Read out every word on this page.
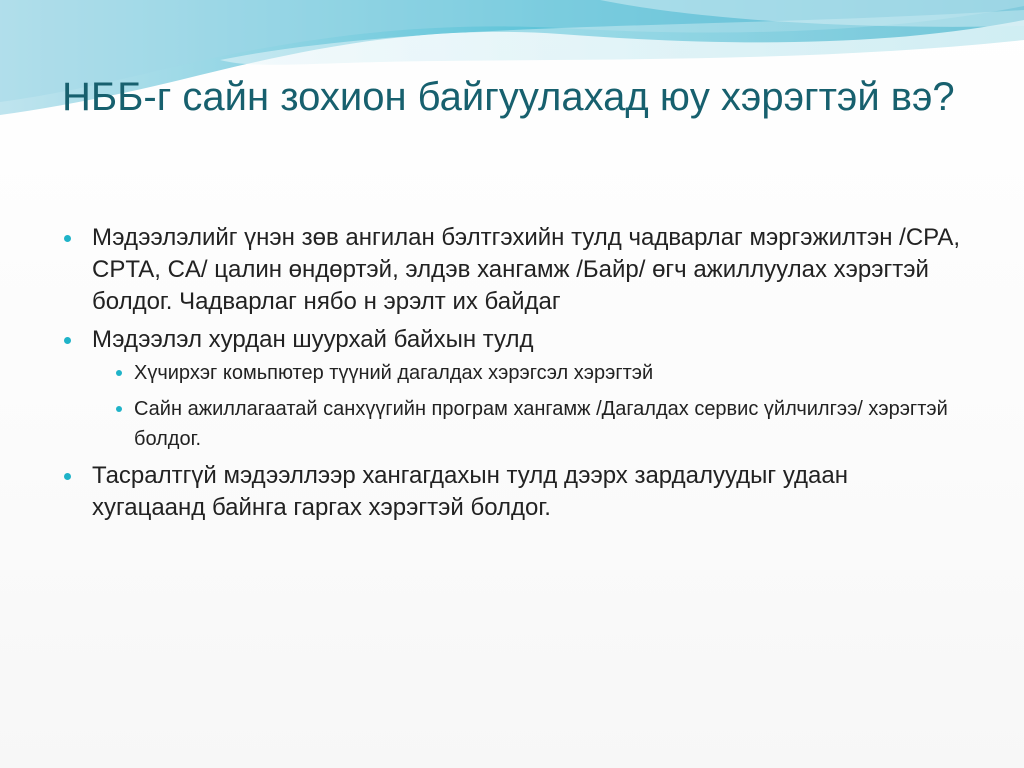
НББ-г сайн зохион байгуулахад юу хэрэгтэй вэ?
Мэдээлэлийг үнэн зөв ангилан бэлтгэхийн тулд чадварлаг мэргэжилтэн /CPA, CPTA, CA/ цалин өндөртэй, элдэв хангамж /Байр/ өгч ажиллуулах хэрэгтэй болдог. Чадварлаг нябо н эрэлт их байдаг
Мэдээлэл хурдан шуурхай байхын тулд
Хүчирхэг комьпютер түүний дагалдах хэрэгсэл хэрэгтэй
Сайн ажиллагаатай санхүүгийн програм хангамж /Дагалдах сервис үйлчилгээ/ хэрэгтэй болдог.
Тасралтгүй мэдээллээр хангагдахын тулд дээрх зардалуудыг удаан хугацаанд байнга гаргах хэрэгтэй болдог.
